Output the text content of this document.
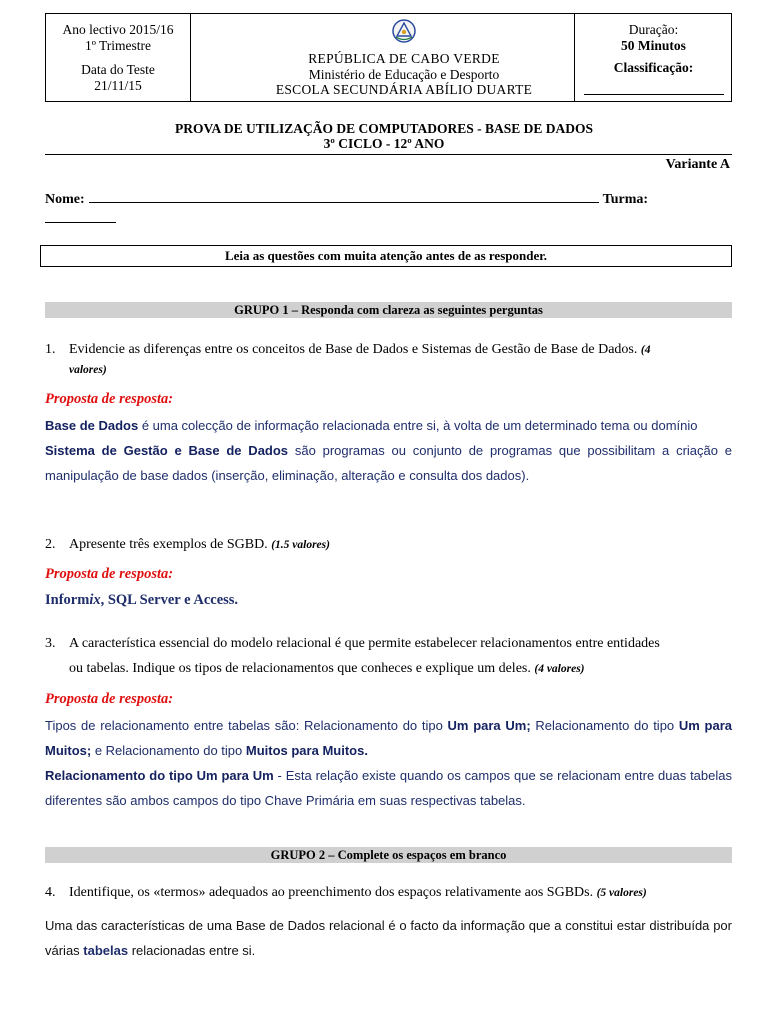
Ano lectivo 2015/16
1º Trimestre
Data do Teste
21/11/15
REPÚBLICA DE CABO VERDE
Ministério de Educação e Desporto
ESCOLA SECUNDÁRIA ABÍLIO DUARTE
Duração:
50 Minutos
Classificação:
PROVA DE UTILIZAÇÃO DE COMPUTADORES - BASE DE DADOS
3º CICLO - 12º ANO
Variante A
Nome:	Turma:
Leia as questões com muita atenção antes de as responder.
GRUPO 1 – Responda com clareza as seguintes perguntas
1. Evidencie as diferenças entre os conceitos de Base de Dados e Sistemas de Gestão de Base de Dados. (4
valores)
Proposta de resposta:
Base de Dados é uma colecção de informação relacionada entre si, à volta de um determinado tema ou domínio
Sistema de Gestão e Base de Dados são programas ou conjunto de programas que possibilitam a criação e manipulação de base dados (inserção, eliminação, alteração e consulta dos dados).
2. Apresente três exemplos de SGBD. (1.5 valores)
Proposta de resposta:
Informix, SQL Server e Access.
3. A característica essencial do modelo relacional é que permite estabelecer relacionamentos entre entidades
ou tabelas. Indique os tipos de relacionamentos que conheces e explique um deles. (4 valores)
Proposta de resposta:
Tipos de relacionamento entre tabelas são: Relacionamento do tipo Um para Um; Relacionamento do tipo Um para Muitos; e Relacionamento do tipo Muitos para Muitos.
Relacionamento do tipo Um para Um - Esta relação existe quando os campos que se relacionam entre duas tabelas diferentes são ambos campos do tipo Chave Primária em suas respectivas tabelas.
GRUPO 2 – Complete os espaços em branco
4. Identifique, os «termos» adequados ao preenchimento dos espaços relativamente aos SGBDs. (5 valores)
Uma das características de uma Base de Dados relacional é o facto da informação que a constitui estar distribuída por várias tabelas relacionadas entre si.
